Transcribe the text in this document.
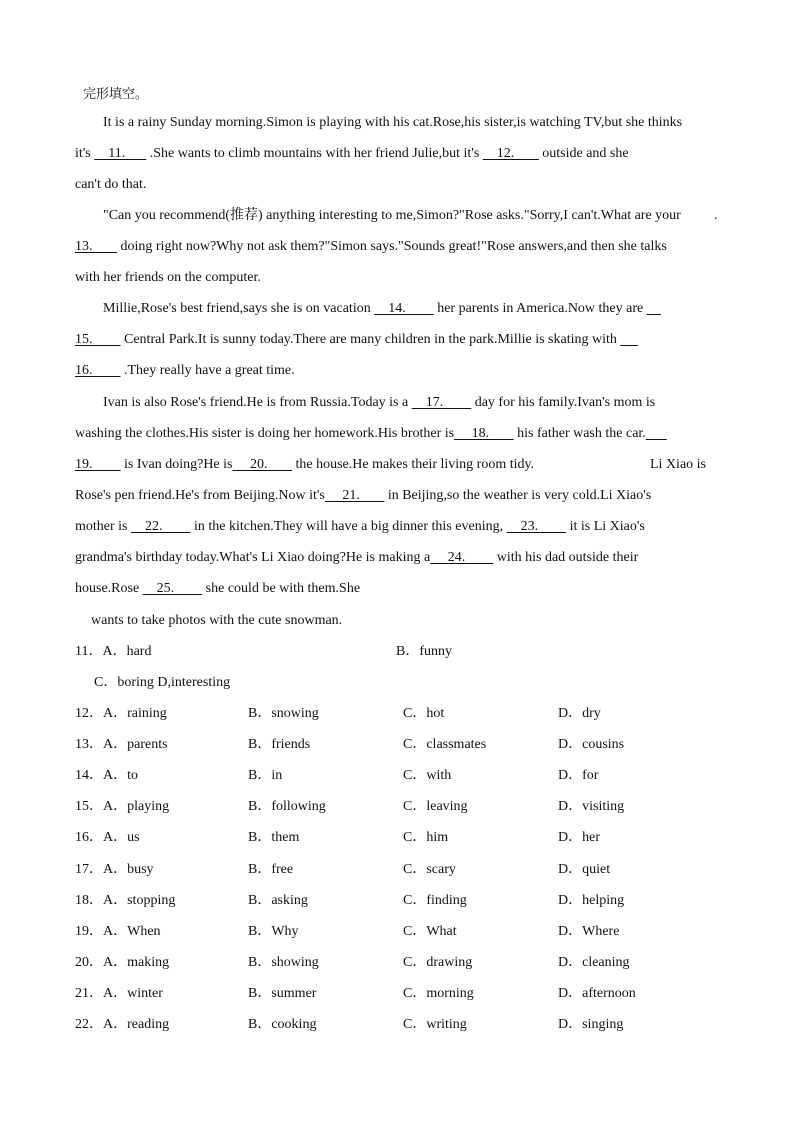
完形填空。
It is a rainy Sunday morning.Simon is playing with his cat.Rose,his sister,is watching TV,but she thinks
it's     11.       .She wants to climb mountains with her friend Julie,but it's     12.        outside and she
can't do that.
"Can you recommend(推荐) anything interesting to me,Simon?"Rose asks."Sorry,I can't.What are your .
13.        doing right now?Why not ask them?"Simon says."Sounds great!"Rose answers,and then she talks
with her friends on the computer.
Millie,Rose's best friend,says she is on vacation     14.         her parents in America.Now they are
15.         Central Park.It is sunny today.There are many children in the park.Millie is skating with
16.         .They really have a great time.
Ivan is also Rose's friend.He is from Russia.Today is a     17.         day for his family.Ivan's mom is
washing the clothes.His sister is doing her homework.His brother is     18.        his father wash the car.
19.         is Ivan doing?He is     20.        the house.He makes their living room tidy.	Li Xiao is
Rose's pen friend.He's from Beijing.Now it's     21.        in Beijing,so the weather is very cold.Li Xiao's
mother is     22.         in the kitchen.They will have a big dinner this evening,     23.         it is Li Xiao's
grandma's birthday today.What's Li Xiao doing?He is making a     24.         with his dad outside their
house.Rose     25.         she could be with them.She
wants to take photos with the cute snowman.
11．A．hard	B．funny
C．boring D,interesting
12．A．raining	B．snowing	C．hot	D．dry
13．A．parents	B．friends	C．classmates	D．cousins
14．A．to	B．in	C．with	D．for
15．A．playing	B．following	C．leaving	D．visiting
16．A．us	B．them	C．him	D．her
17．A．busy	B．free	C．scary	D．quiet
18．A．stopping	B．asking	C．finding	D．helping
19．A．When	B．Why	C．What	D．Where
20．A．making	B．showing	C．drawing	D．cleaning
21．A．winter	B．summer	C．morning	D．afternoon
22．A．reading	B．cooking	C．writing	D．singing
